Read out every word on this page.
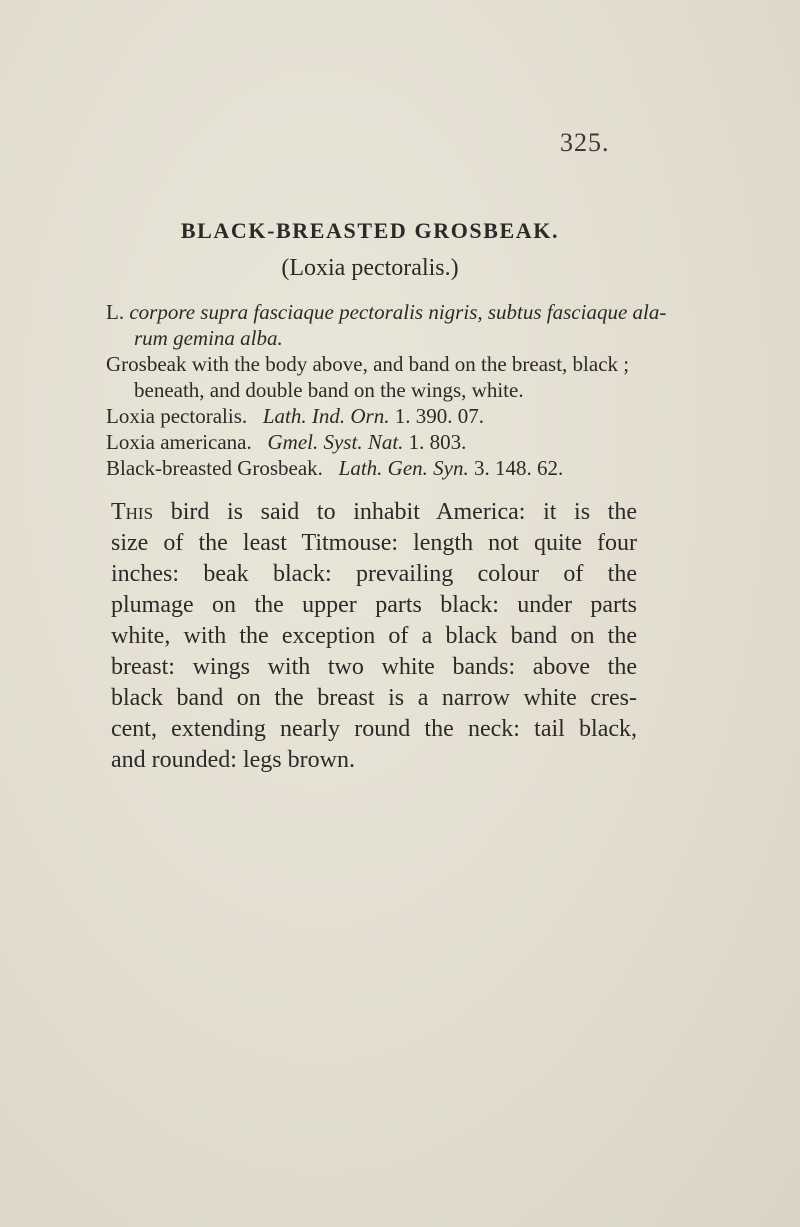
325.
BLACK-BREASTED GROSBEAK.
(Loxia pectoralis.)

L. corpore supra fasciaque pectoralis nigris, subtus fasciaque ala-
rum gemina alba.

Grosbeak with the body above, and band on the breast, black ;
beneath, and double band on the wings, white.

Loxia pectoralis.   Lath. Ind. Orn. 1. 390. 07.

Loxia americana.   Gmel. Syst. Nat. 1. 803.

Black-breasted Grosbeak.   Lath. Gen. Syn. 3. 148. 62.

This bird is said to inhabit America: it is the
size of the least Titmouse: length not quite four
inches: beak black: prevailing colour of the
plumage on the upper parts black: under parts
white, with the exception of a black band on the
breast: wings with two white bands: above the
black band on the breast is a narrow white cres-
cent, extending nearly round the neck: tail black,
and rounded: legs brown.
